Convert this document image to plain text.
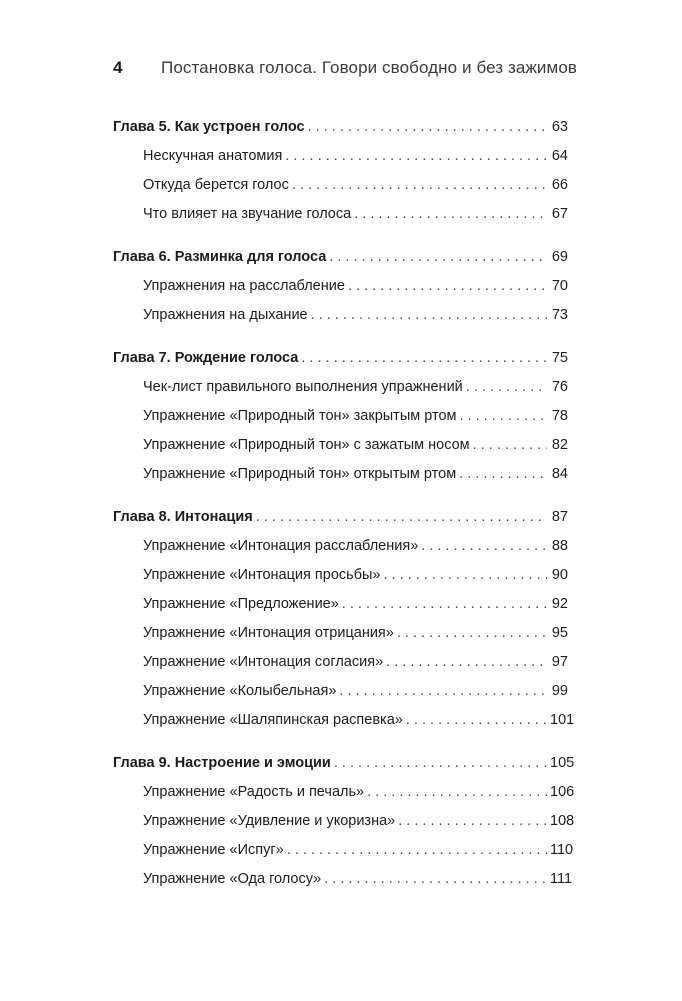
4	Постановка голоса. Говори свободно и без зажимов
Глава 5. Как устроен голос . . .	63
Нескучная анатомия . . .	64
Откуда берется голос . . .	66
Что влияет на звучание голоса . . .	67
Глава 6. Разминка для голоса . . .	69
Упражнения на расслабление . . .	70
Упражнения на дыхание . . .	73
Глава 7. Рождение голоса . . .	75
Чек-лист правильного выполнения упражнений . . .	76
Упражнение «Природный тон» закрытым ртом . . .	78
Упражнение «Природный тон» с зажатым носом . . .	82
Упражнение «Природный тон» открытым ртом . . .	84
Глава 8. Интонация . . .	87
Упражнение «Интонация расслабления» . . .	88
Упражнение «Интонация просьбы» . . .	90
Упражнение «Предложение» . . .	92
Упражнение «Интонация отрицания» . . .	95
Упражнение «Интонация согласия» . . .	97
Упражнение «Колыбельная» . . .	99
Упражнение «Шаляпинская распевка» . . .	101
Глава 9. Настроение и эмоции . . .	105
Упражнение «Радость и печаль» . . .	106
Упражнение «Удивление и укоризна» . . .	108
Упражнение «Испуг» . . .	110
Упражнение «Ода голосу» . . .	111
